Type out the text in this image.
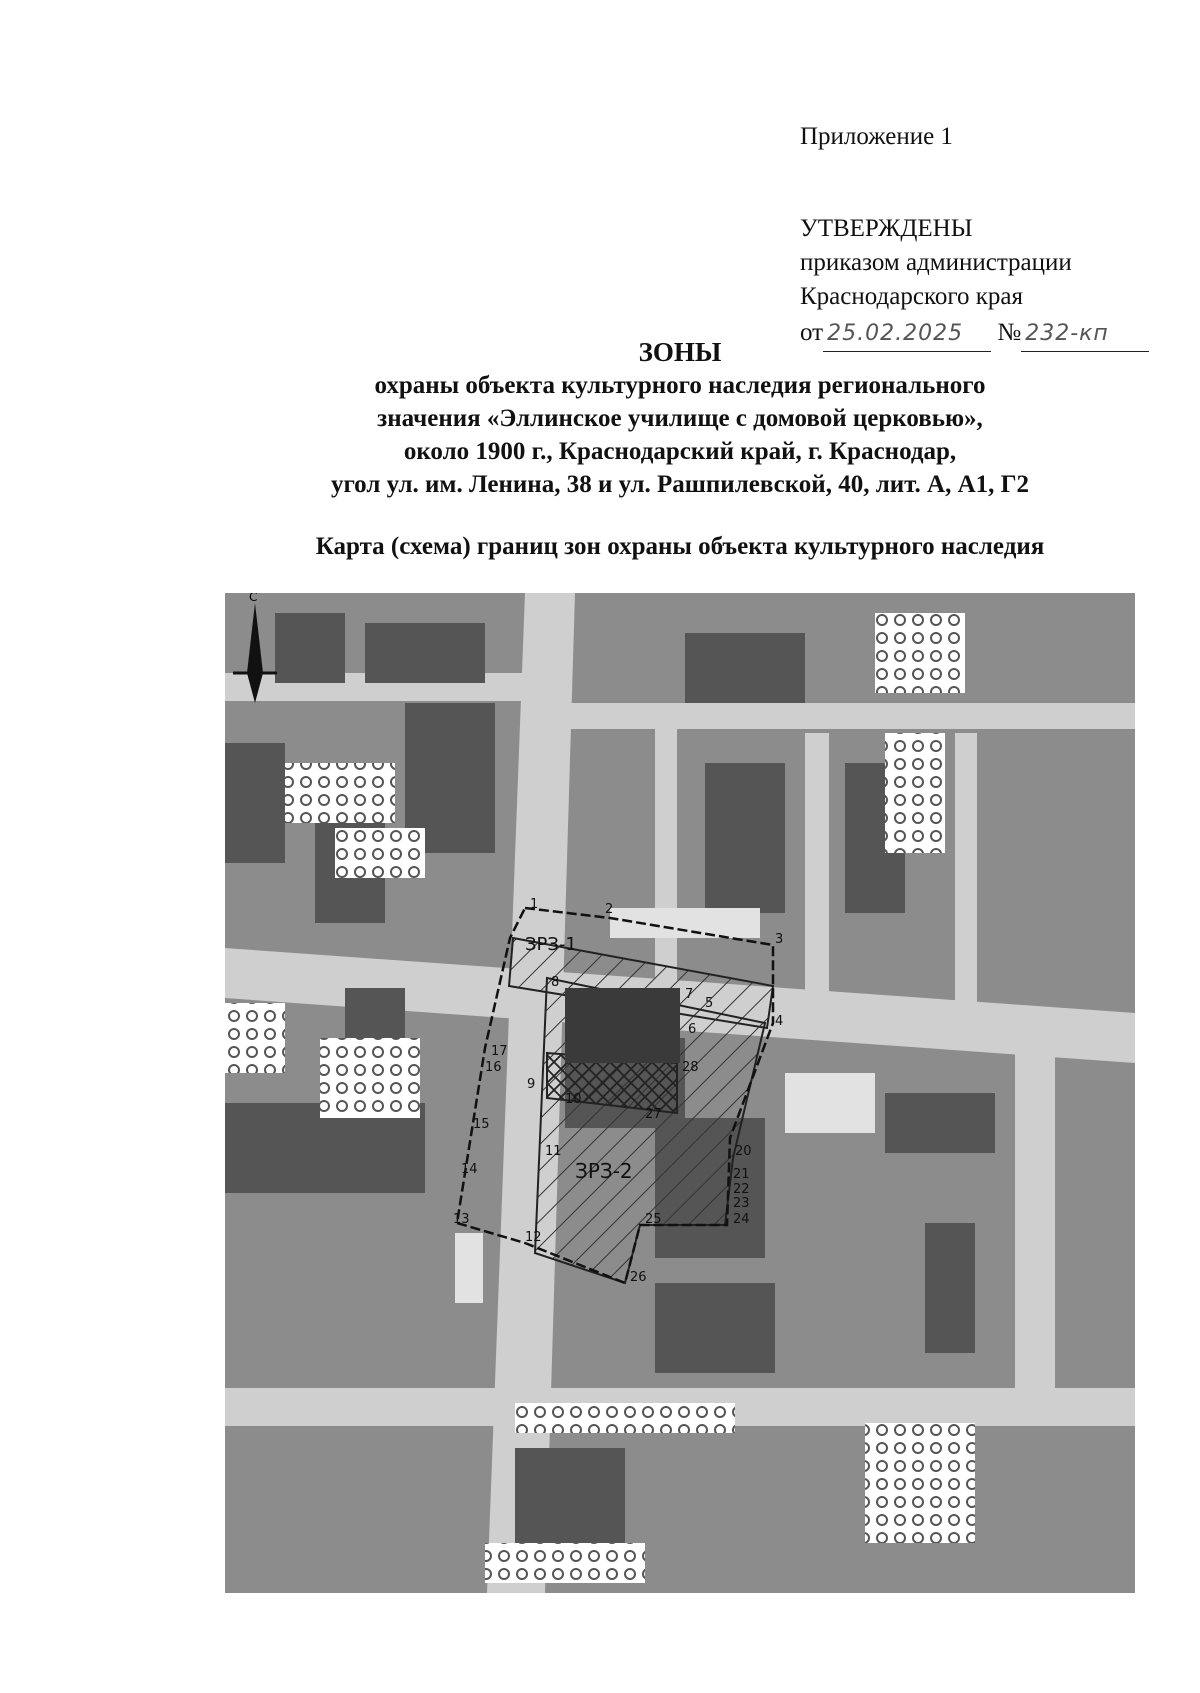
Приложение 1
УТВЕРЖДЕНЫ
приказом администрации
Краснодарского края
от 25.02.2025 № 232-кп
ЗОНЫ
охраны объекта культурного наследия регионального
значения «Эллинское училище с домовой церковью»,
около 1900 г., Краснодарский край, г. Краснодар,
угол ул. им. Ленина, 38 и ул. Рашпилевской, 40, лит. А, А1, Г2
Карта (схема) границ зон охраны объекта культурного наследия
С
ЗРЗ-1
ЗРЗ-2
1	2
3
4
5
6
7
8
9
10
11
12
13
14
15
16
17
20
21
22
23
24
25
26
27
28
